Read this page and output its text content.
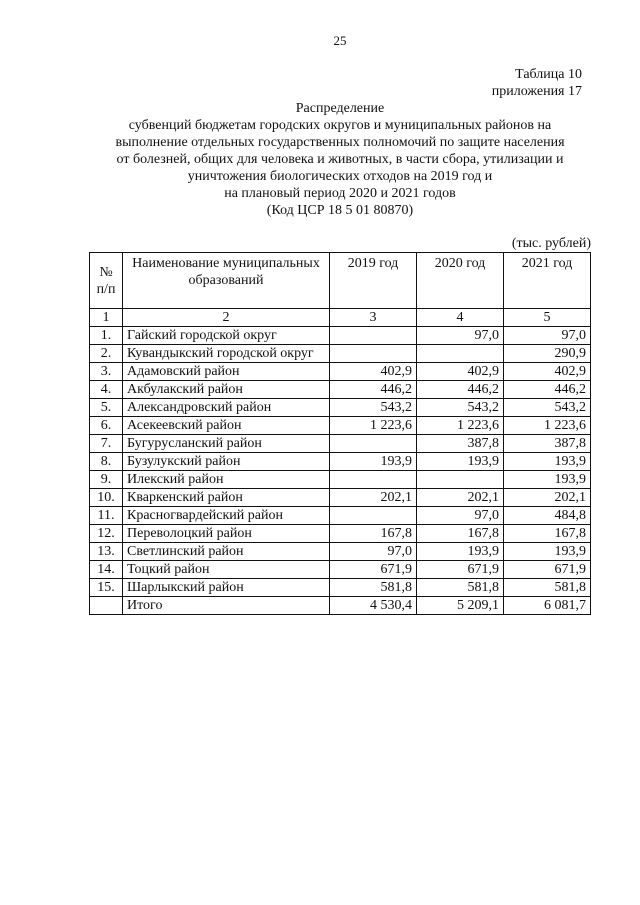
25
Таблица 10
приложения 17
Распределение
субвенций бюджетам городских округов и муниципальных районов на
выполнение отдельных государственных полномочий по защите населения
от болезней, общих для человека и животных, в части сбора, утилизации и
уничтожения биологических отходов на 2019 год и
на плановый период 2020 и 2021 годов
(Код ЦСР 18 5 01 80870)
(тыс. рублей)
№ п/п	Наименование муниципальных образований	2019 год	2020 год	2021 год
1	2	3	4	5
1.	Гайский городской округ		97,0	97,0
2.	Кувандыкский городской округ			290,9
3.	Адамовский район	402,9	402,9	402,9
4.	Акбулакский район	446,2	446,2	446,2
5.	Александровский район	543,2	543,2	543,2
6.	Асекеевский район	1 223,6	1 223,6	1 223,6
7.	Бугурусланский район		387,8	387,8
8.	Бузулукский район	193,9	193,9	193,9
9.	Илекский район			193,9
10.	Кваркенский район	202,1	202,1	202,1
11.	Красногвардейский район		97,0	484,8
12.	Переволоцкий район	167,8	167,8	167,8
13.	Светлинский район	97,0	193,9	193,9
14.	Тоцкий район	671,9	671,9	671,9
15.	Шарлыкский район	581,8	581,8	581,8
	Итого	4 530,4	5 209,1	6 081,7
